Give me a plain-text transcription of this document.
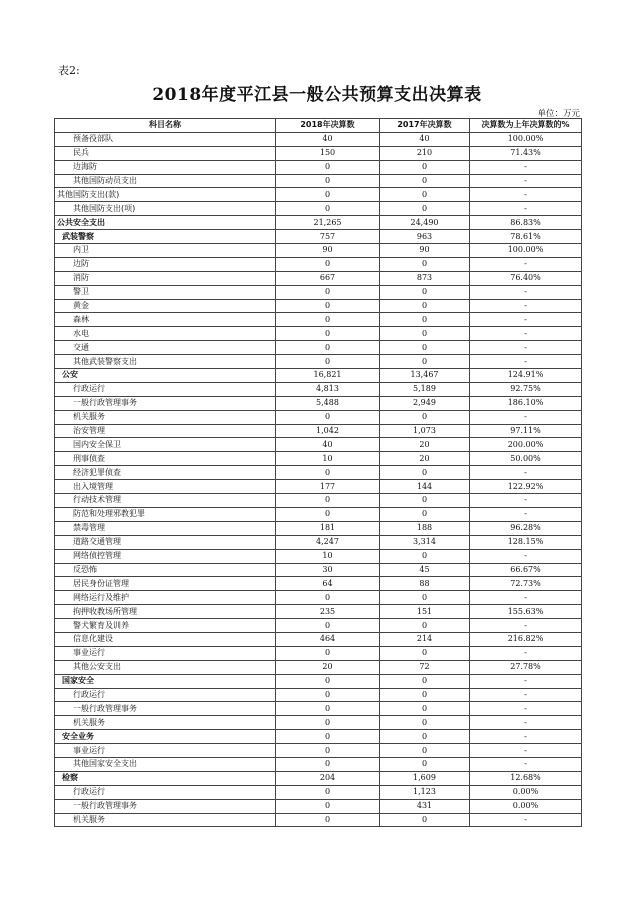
表2:
2018年度平江县一般公共预算支出决算表
单位：万元
科目名称	2018年决算数	2017年决算数	决算数为上年决算数的%
预备役部队	40	40	100.00%
民兵	150	210	71.43%
边海防	0	0	-
其他国防动员支出	0	0	-
其他国防支出(款)	0	0	-
其他国防支出(项)	0	0	-
公共安全支出	21,265	24,490	86.83%
武装警察	757	963	78.61%
内卫	90	90	100.00%
边防	0	0	-
消防	667	873	76.40%
警卫	0	0	-
黄金	0	0	-
森林	0	0	-
水电	0	0	-
交通	0	0	-
其他武装警察支出	0	0	-
公安	16,821	13,467	124.91%
行政运行	4,813	5,189	92.75%
一般行政管理事务	5,488	2,949	186.10%
机关服务	0	0	-
治安管理	1,042	1,073	97.11%
国内安全保卫	40	20	200.00%
刑事侦查	10	20	50.00%
经济犯罪侦查	0	0	-
出入境管理	177	144	122.92%
行动技术管理	0	0	-
防范和处理邪教犯罪	0	0	-
禁毒管理	181	188	96.28%
道路交通管理	4,247	3,314	128.15%
网络侦控管理	10	0	-
反恐怖	30	45	66.67%
居民身份证管理	64	88	72.73%
网络运行及维护	0	0	-
拘押收教场所管理	235	151	155.63%
警犬繁育及训养	0	0	-
信息化建设	464	214	216.82%
事业运行	0	0	-
其他公安支出	20	72	27.78%
国家安全	0	0	-
行政运行	0	0	-
一般行政管理事务	0	0	-
机关服务	0	0	-
安全业务	0	0	-
事业运行	0	0	-
其他国家安全支出	0	0	-
检察	204	1,609	12.68%
行政运行	0	1,123	0.00%
一般行政管理事务	0	431	0.00%
机关服务	0	0	-
